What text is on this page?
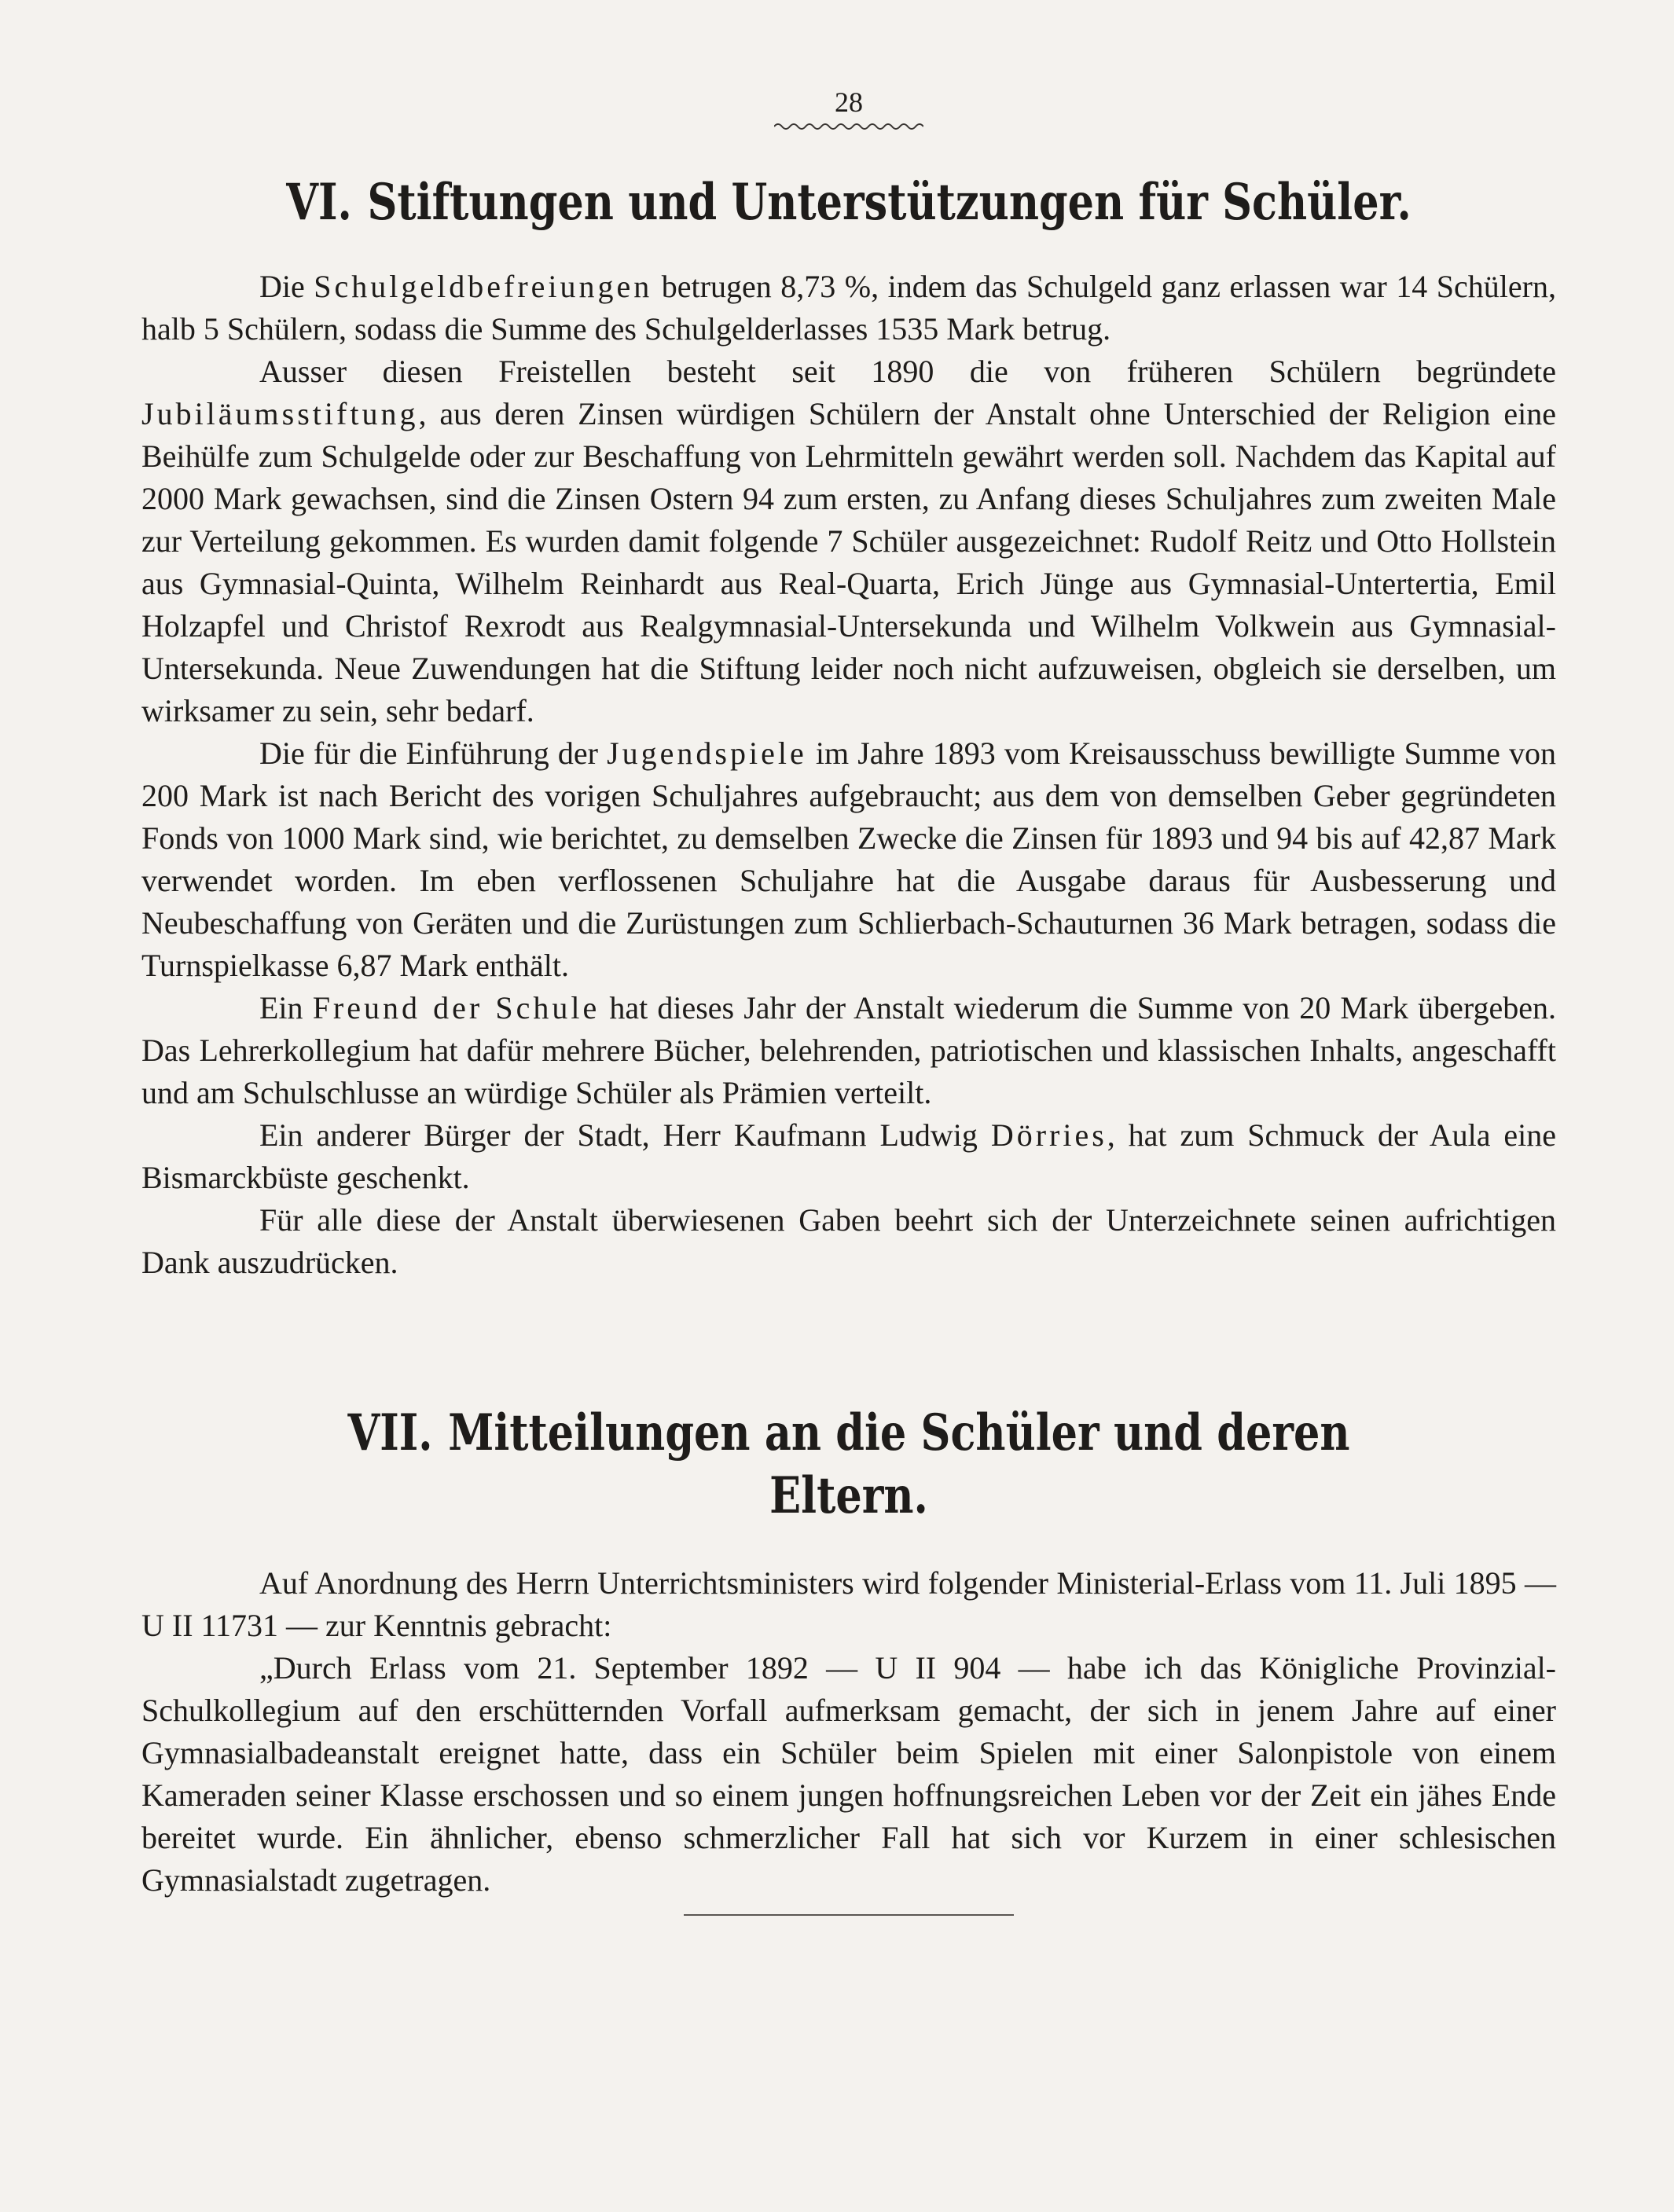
28
VI. Stiftungen und Unterstützungen für Schüler.

Die Schulgeldbefreiungen betrugen 8,73 %, indem das Schulgeld ganz erlassen war 14 Schülern, halb 5 Schülern, sodass die Summe des Schulgelderlasses 1535 Mark betrug.

Ausser diesen Freistellen besteht seit 1890 die von früheren Schülern begründete Jubiläumsstiftung, aus deren Zinsen würdigen Schülern der Anstalt ohne Unterschied der Religion eine Beihülfe zum Schulgelde oder zur Beschaffung von Lehrmitteln gewährt werden soll. Nachdem das Kapital auf 2000 Mark gewachsen, sind die Zinsen Ostern 94 zum ersten, zu Anfang dieses Schuljahres zum zweiten Male zur Verteilung gekommen. Es wurden damit folgende 7 Schüler ausgezeichnet: Rudolf Reitz und Otto Hollstein aus Gymnasial-Quinta, Wilhelm Reinhardt aus Real-Quarta, Erich Jünge aus Gymnasial-Untertertia, Emil Holzapfel und Christof Rexrodt aus Realgymnasial-Untersekunda und Wilhelm Volkwein aus Gymnasial-Untersekunda. Neue Zuwendungen hat die Stiftung leider noch nicht aufzuweisen, obgleich sie derselben, um wirksamer zu sein, sehr bedarf.

Die für die Einführung der Jugendspiele im Jahre 1893 vom Kreisausschuss bewilligte Summe von 200 Mark ist nach Bericht des vorigen Schuljahres aufgebraucht; aus dem von demselben Geber gegründeten Fonds von 1000 Mark sind, wie berichtet, zu demselben Zwecke die Zinsen für 1893 und 94 bis auf 42,87 Mark verwendet worden. Im eben verflossenen Schuljahre hat die Ausgabe daraus für Ausbesserung und Neubeschaffung von Geräten und die Zurüstungen zum Schlierbach-Schauturnen 36 Mark betragen, sodass die Turnspielkasse 6,87 Mark enthält.

Ein Freund der Schule hat dieses Jahr der Anstalt wiederum die Summe von 20 Mark übergeben. Das Lehrerkollegium hat dafür mehrere Bücher, belehrenden, patriotischen und klassischen Inhalts, angeschafft und am Schulschlusse an würdige Schüler als Prämien verteilt.

Ein anderer Bürger der Stadt, Herr Kaufmann Ludwig Dörries, hat zum Schmuck der Aula eine Bismarckbüste geschenkt.

Für alle diese der Anstalt überwiesenen Gaben beehrt sich der Unterzeichnete seinen aufrichtigen Dank auszudrücken.

VII. Mitteilungen an die Schüler und deren Eltern.

Auf Anordnung des Herrn Unterrichtsministers wird folgender Ministerial-Erlass vom 11. Juli 1895 — U II 11731 — zur Kenntnis gebracht:

„Durch Erlass vom 21. September 1892 — U II 904 — habe ich das Königliche Provinzial-Schulkollegium auf den erschütternden Vorfall aufmerksam gemacht, der sich in jenem Jahre auf einer Gymnasialbadeanstalt ereignet hatte, dass ein Schüler beim Spielen mit einer Salonpistole von einem Kameraden seiner Klasse erschossen und so einem jungen hoffnungsreichen Leben vor der Zeit ein jähes Ende bereitet wurde. Ein ähnlicher, ebenso schmerzlicher Fall hat sich vor Kurzem in einer schlesischen Gymnasialstadt zugetragen.
